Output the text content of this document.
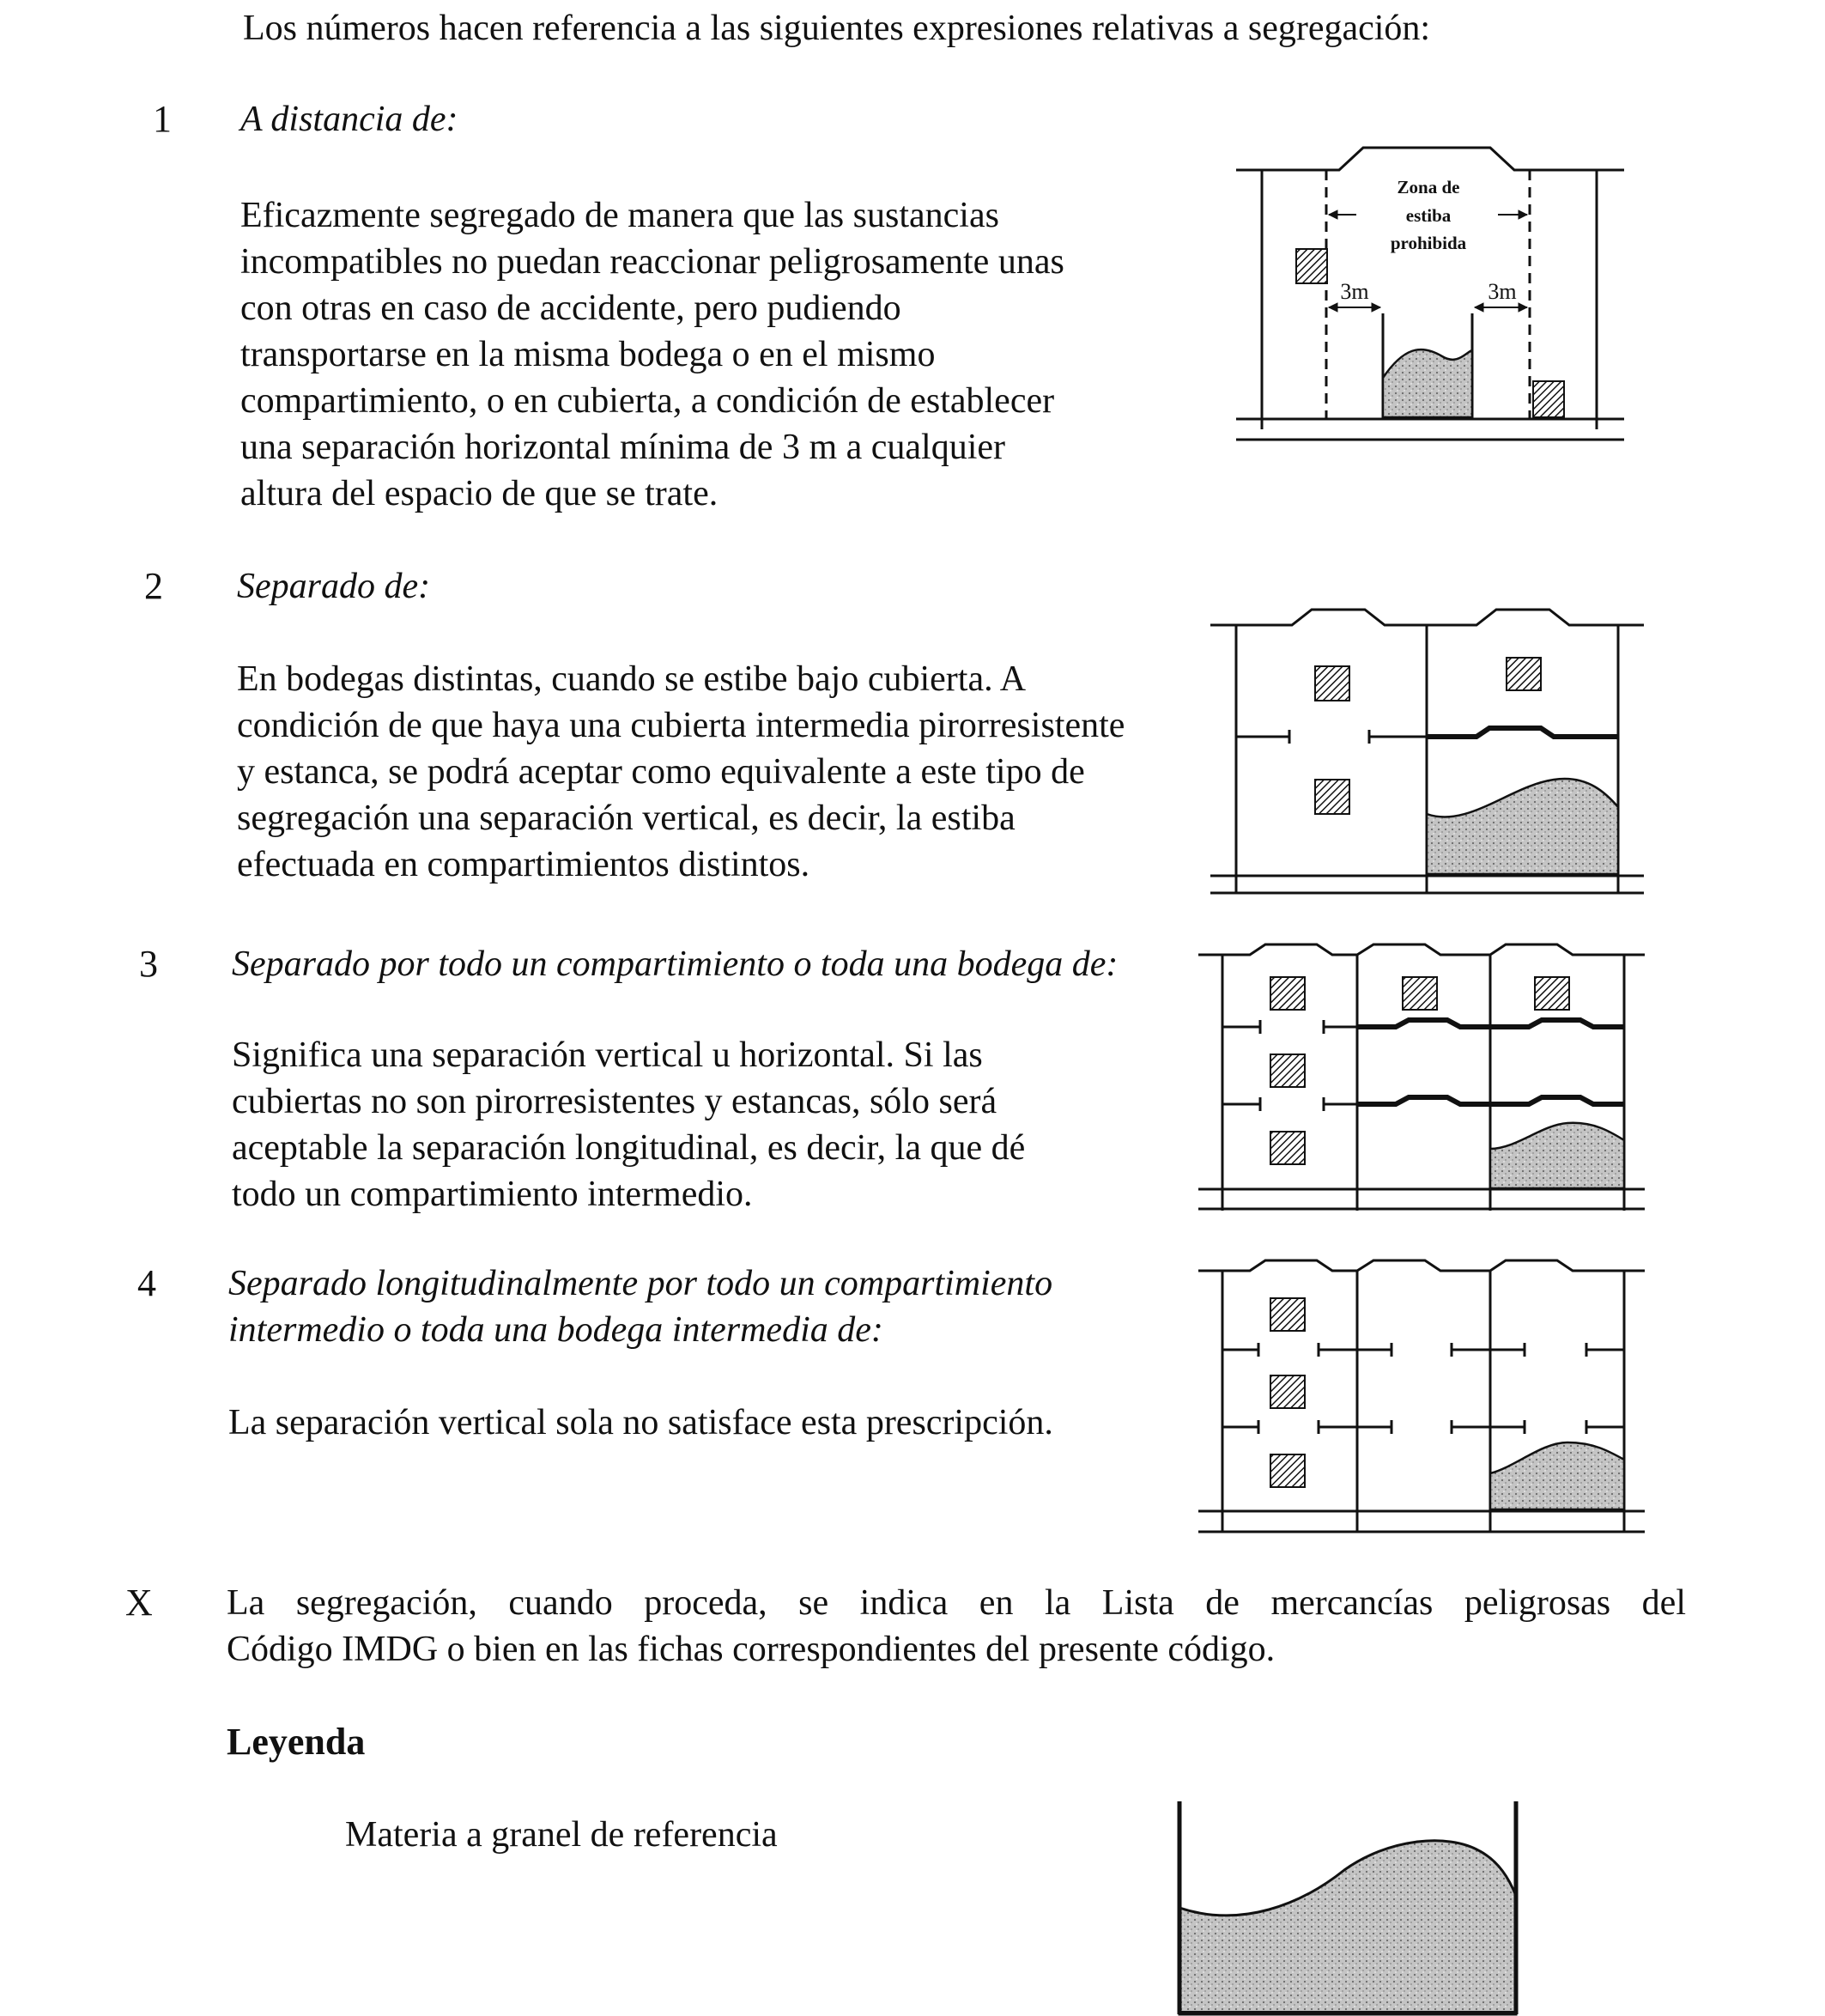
Los números hacen referencia a las siguientes expresiones relativas a segregación:
1 A distancia de:
Eficazmente segregado de manera que las sustancias
incompatibles no puedan reaccionar peligrosamente unas
con otras en caso de accidente, pero pudiendo
transportarse en la misma bodega o en el mismo
compartimiento, o en cubierta, a condición de establecer
una separación horizontal mínima de 3 m a cualquier
altura del espacio de que se trate.
Zona de
estiba
prohibida
3m	3m
2 Separado de:
En bodegas distintas, cuando se estibe bajo cubierta. A
condición de que haya una cubierta intermedia pirorresistente
y estanca, se podrá aceptar como equivalente a este tipo de
segregación una separación vertical, es decir, la estiba
efectuada en compartimientos distintos.
3 Separado por todo un compartimiento o toda una bodega de:
Significa una separación vertical u horizontal. Si las
cubiertas no son pirorresistentes y estancas, sólo será
aceptable la separación longitudinal, es decir, la que dé
todo un compartimiento intermedio.
4 Separado longitudinalmente por todo un compartimiento
intermedio o toda una bodega intermedia de:
La separación vertical sola no satisface esta prescripción.
X La segregación, cuando proceda, se indica en la Lista de mercancías peligrosas del
Código IMDG o bien en las fichas correspondientes del presente código.
Leyenda
Materia a granel de referencia
